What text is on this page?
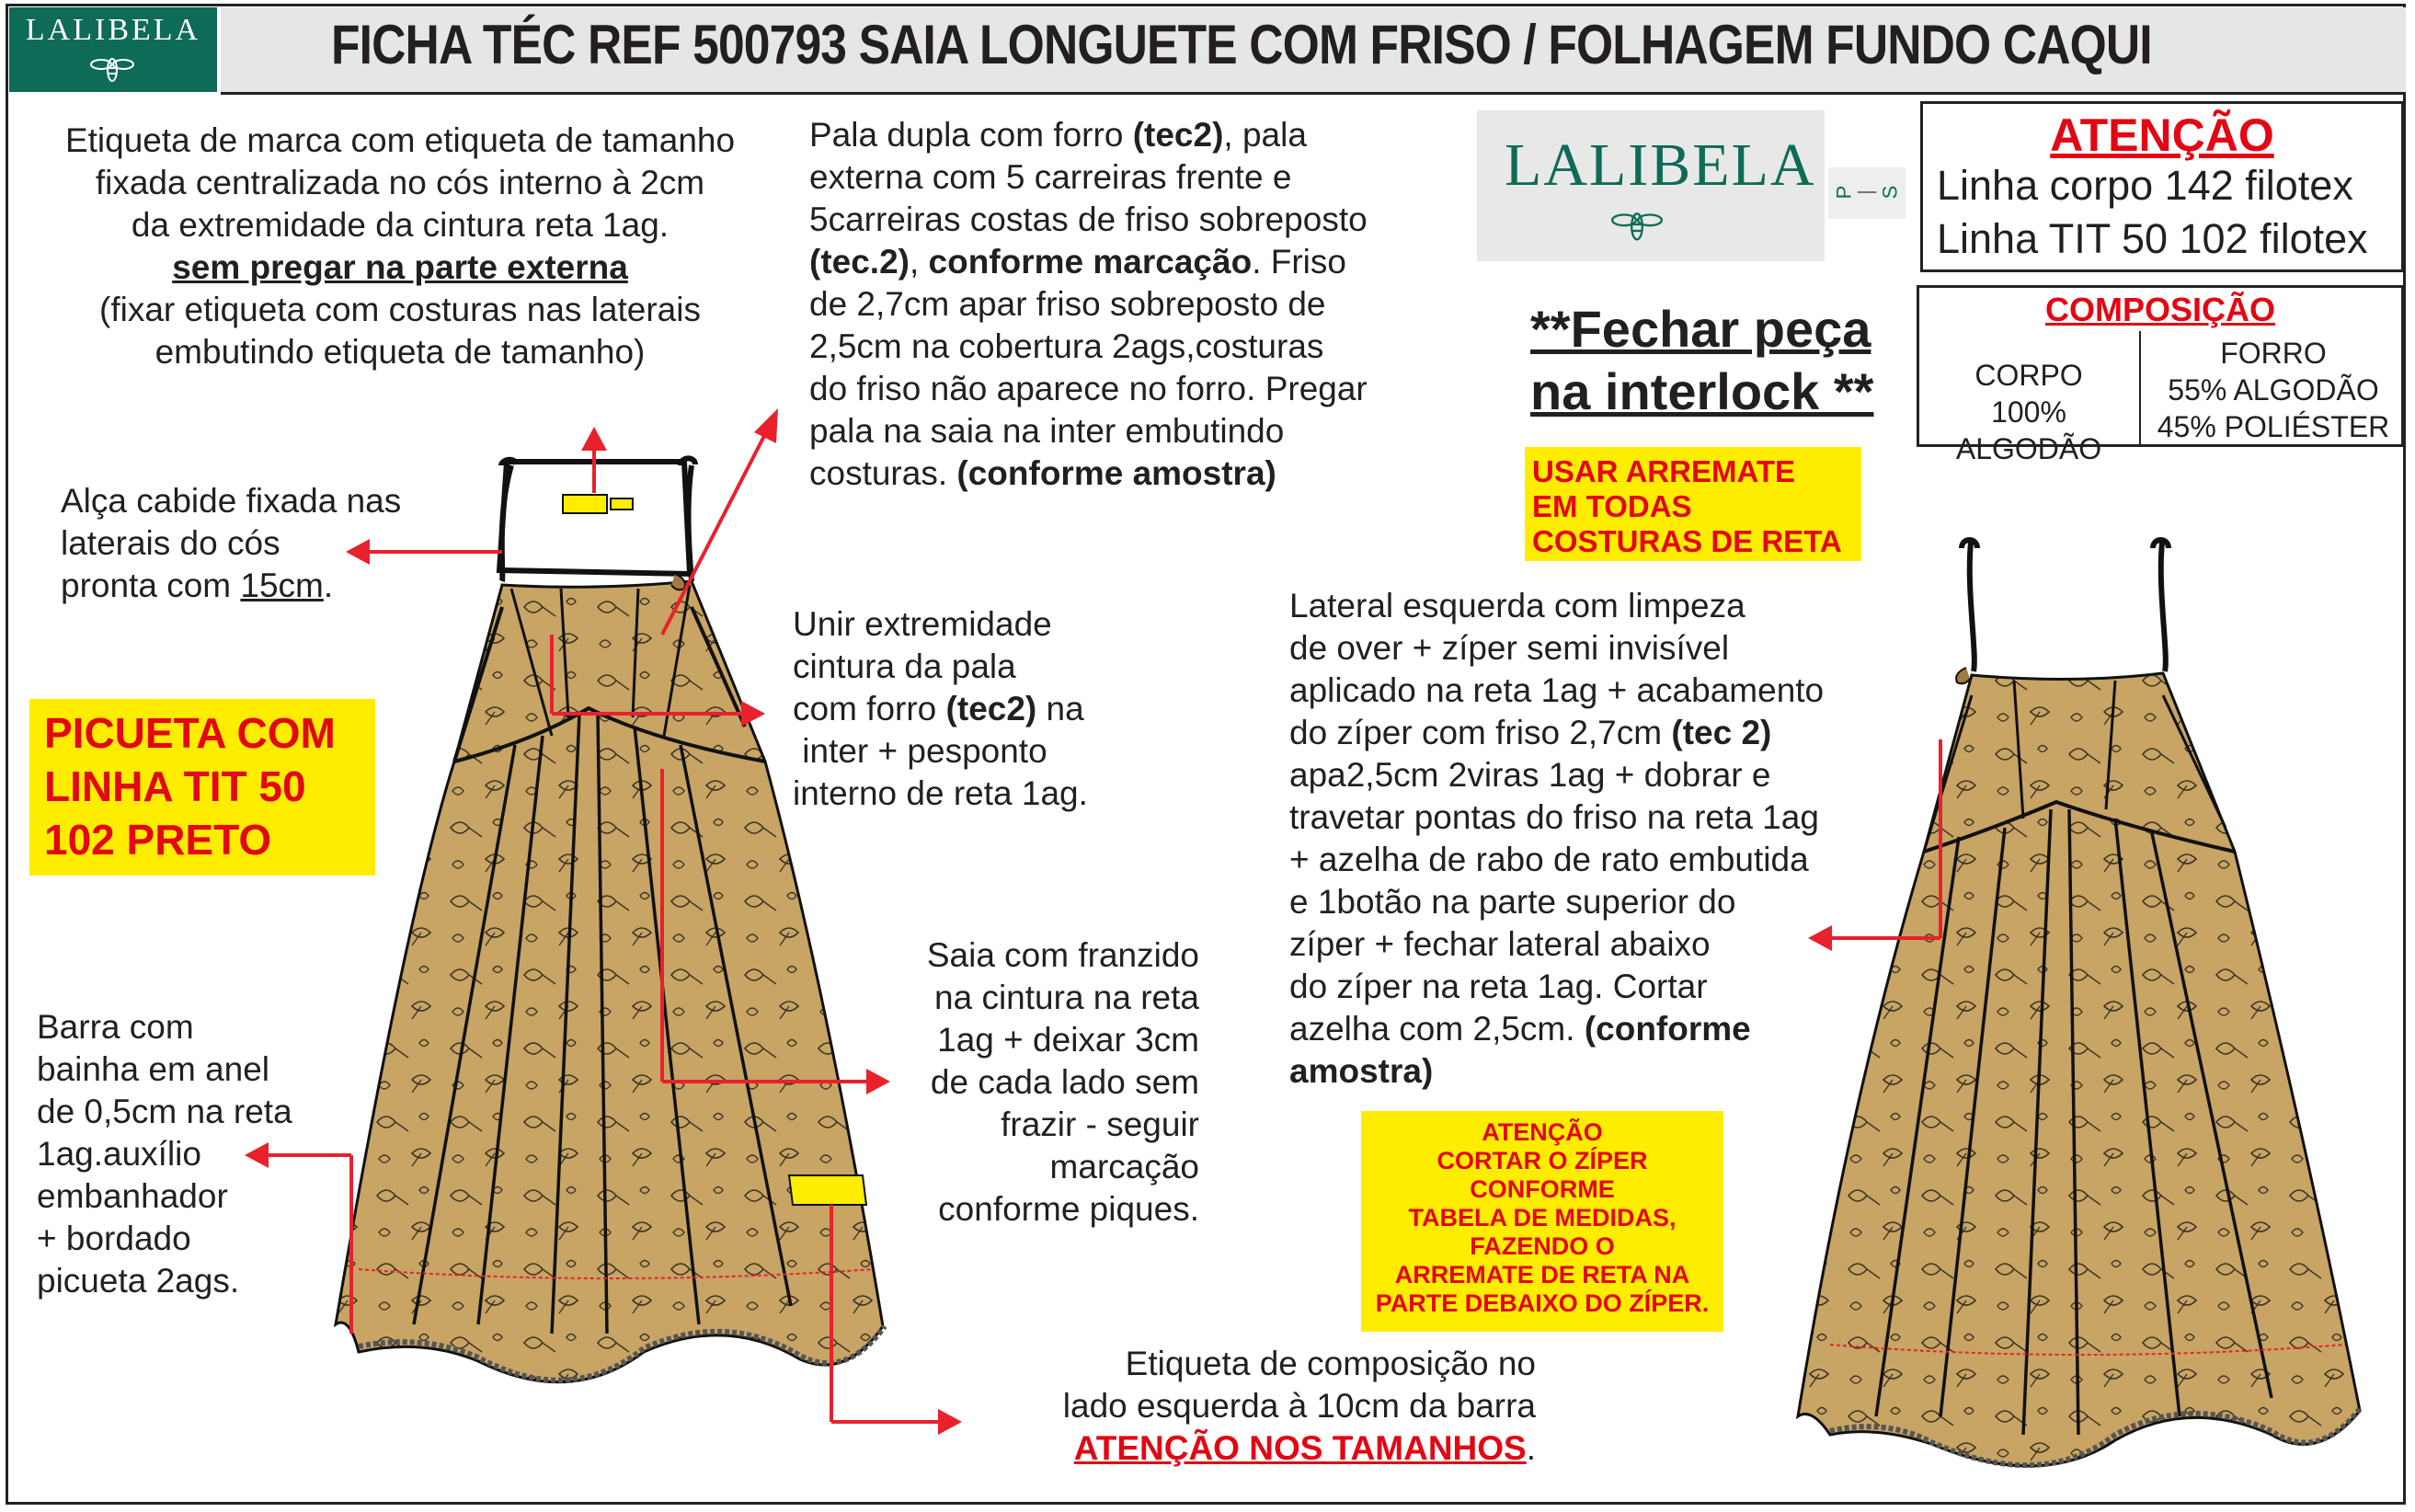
LALIBELA FICHA TÉC REF 500793 SAIA LONGUETE COM FRISO / FOLHAGEM FUNDO CAQUI
LALIBELA P
| S
ATENÇÃO
Linha corpo 142 filotex
Linha TIT 50 102 filotex
COMPOSIÇÃO
CORPO
100% ALGODÃO
FORRO
55% ALGODÃO
45% POLIÉSTER
**Fechar peça
na interlock **
USAR ARREMATE
EM TODAS
COSTURAS DE RETA
PICUETA COM
LINHA TIT 50
102 PRETO
ATENÇÃO
CORTAR O ZÍPER
CONFORME
TABELA DE MEDIDAS,
FAZENDO O
ARREMATE DE RETA NA
PARTE DEBAIXO DO ZÍPER.
Etiqueta de marca com etiqueta de tamanho
fixada centralizada no cós interno à 2cm
da extremidade da cintura reta 1ag.
sem pregar na parte externa
(fixar etiqueta com costuras nas laterais
embutindo etiqueta de tamanho)
Pala dupla com forro (tec2), pala
externa com 5 carreiras frente e
5carreiras costas de friso sobreposto
(tec.2), conforme marcação. Friso
de 2,7cm apar friso sobreposto de
2,5cm na cobertura 2ags,costuras
do friso não aparece no forro. Pregar
pala na saia na inter embutindo
costuras. (conforme amostra)
Alça cabide fixada nas
laterais do cós
pronta com 15cm.
Unir extremidade
cintura da pala
com forro (tec2) na
inter + pesponto
interno de reta 1ag.
Saia com franzido
na cintura na reta
1ag + deixar 3cm
de cada lado sem
frazir - seguir
marcação
conforme piques.
Barra com
bainha em anel
de 0,5cm na reta
1ag.auxílio
embanhador
+ bordado
picueta 2ags.
Lateral esquerda com limpeza
de over + zíper semi invisível
aplicado na reta 1ag + acabamento
do zíper com friso 2,7cm (tec 2)
apa2,5cm 2viras 1ag + dobrar e
travetar pontas do friso na reta 1ag
+ azelha de rabo de rato embutida
e 1botão na parte superior do
zíper + fechar lateral abaixo
do zíper na reta 1ag. Cortar
azelha com 2,5cm. (conforme
amostra)
Etiqueta de composição no
lado esquerda à 10cm da barra
ATENÇÃO NOS TAMANHOS.
